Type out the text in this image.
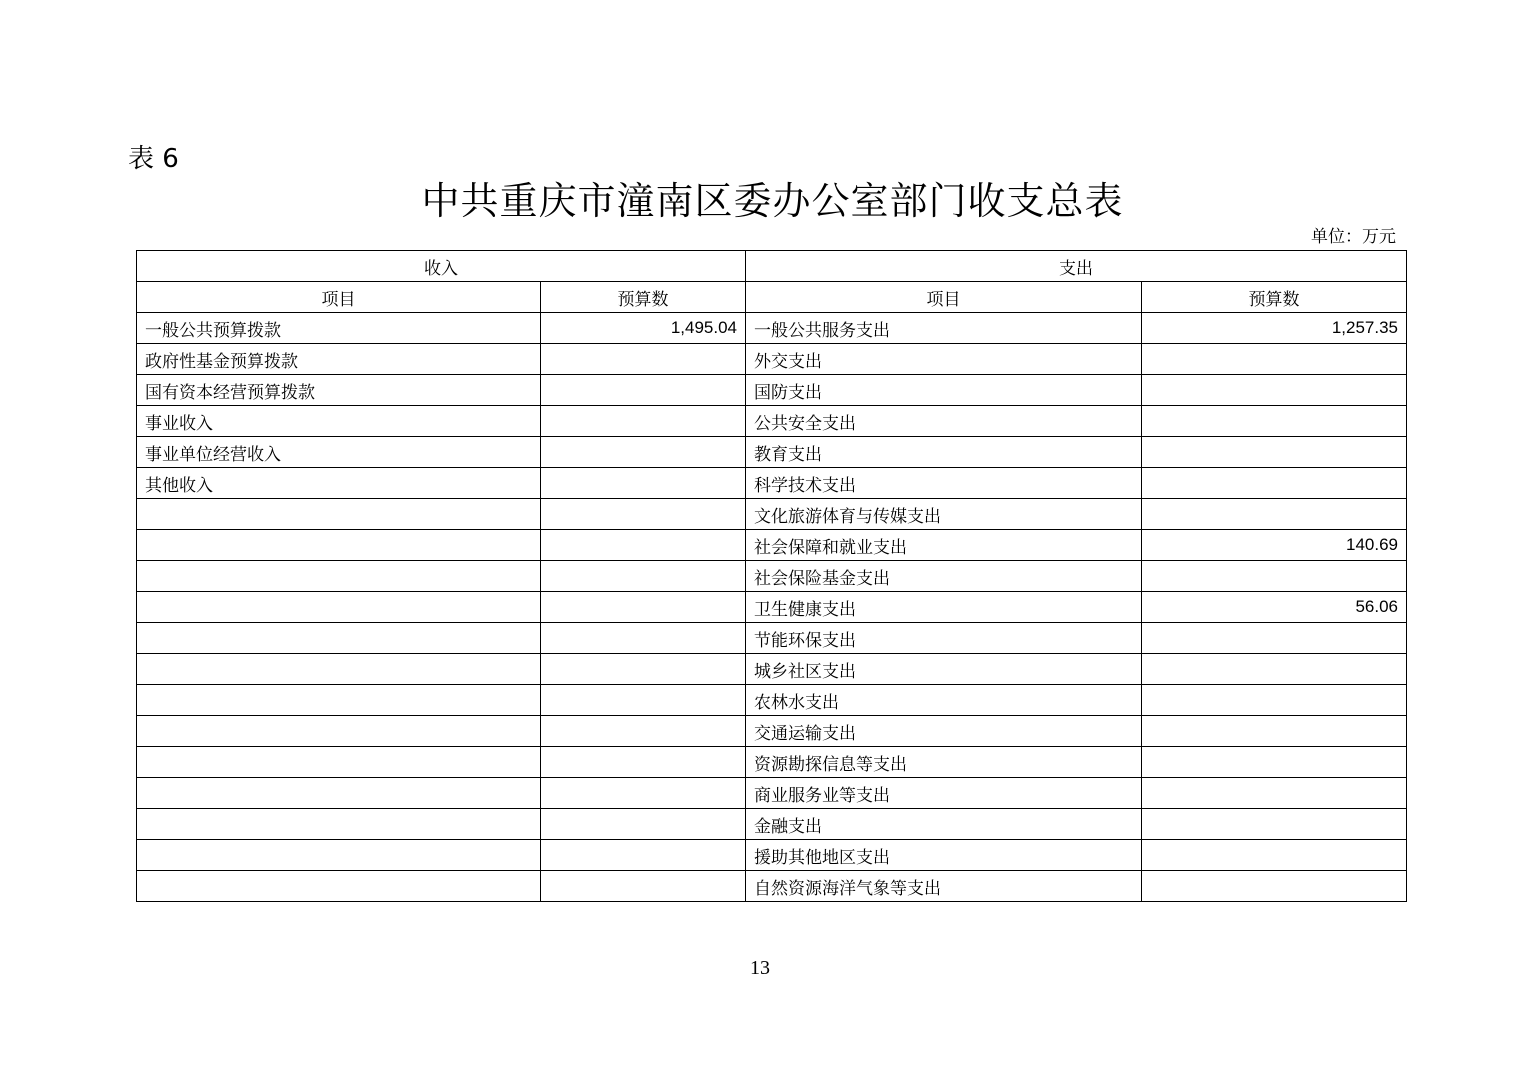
表 6
中共重庆市潼南区委办公室部门收支总表
单位：万元
收入		支出	
项目	预算数	项目	预算数
一般公共预算拨款	1,495.04	一般公共服务支出	1,257.35
政府性基金预算拨款		外交支出	
国有资本经营预算拨款		国防支出	
事业收入		公共安全支出	
事业单位经营收入		教育支出	
其他收入		科学技术支出	
		文化旅游体育与传媒支出	
		社会保障和就业支出	140.69
		社会保险基金支出	
		卫生健康支出	56.06
		节能环保支出	
		城乡社区支出	
		农林水支出	
		交通运输支出	
		资源勘探信息等支出	
		商业服务业等支出	
		金融支出	
		援助其他地区支出	
		自然资源海洋气象等支出	
13
